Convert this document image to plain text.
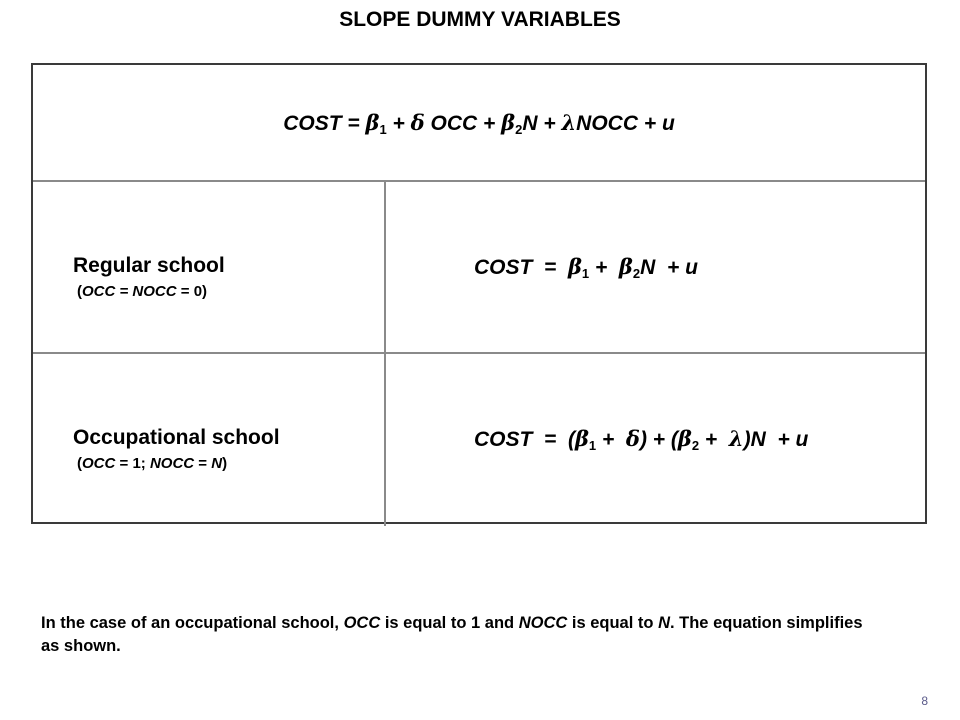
SLOPE DUMMY VARIABLES
COST = $\beta_1 + \delta$ OCC + $\beta_2N$ + λNOCC + u
Regular school
(OCC = NOCC = 0)
COST = $\beta_1 + \beta_2N + u$
Occupational school
(OCC = 1; NOCC = N)
COST = $(\beta_1 + \delta) + (\beta_2 + \lambda)N + u$
In the case of an occupational school, OCC is equal to 1 and NOCC is equal to N. The equation simplifies as shown.
8
